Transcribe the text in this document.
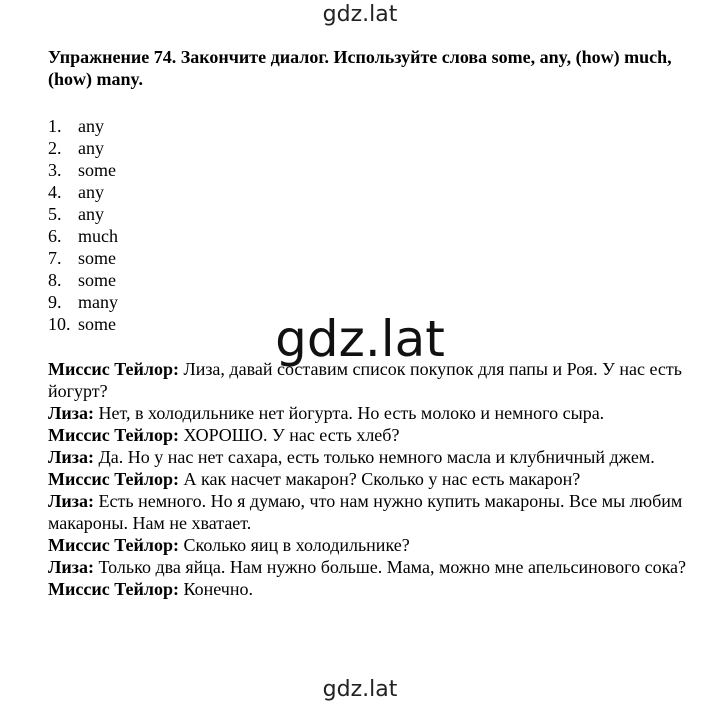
gdz.lat
Упражнение 74. Закончите диалог. Используйте слова some, any, (how) much, (how) many.
1. any
2. any
3. some
4. any
5. any
6. much
7. some
8. some
9. many
10. some	gdz.lat

Миссис Тейлор: Лиза, давай составим список покупок для папы и Роя. У нас есть йогурт?

Лиза: Нет, в холодильнике нет йогурта. Но есть молоко и немного сыра.

Миссис Тейлор: ХОРОШО. У нас есть хлеб?

Лиза: Да. Но у нас нет сахара, есть только немного масла и клубничный джем.

Миссис Тейлор: А как насчет макарон? Сколько у нас есть макарон?

Лиза: Есть немного. Но я думаю, что нам нужно купить макароны. Все мы любим макароны. Нам не хватает.

Миссис Тейлор: Сколько яиц в холодильнике?

Лиза: Только два яйца. Нам нужно больше. Мама, можно мне апельсинового сока?

Миссис Тейлор: Конечно.

gdz.lat
